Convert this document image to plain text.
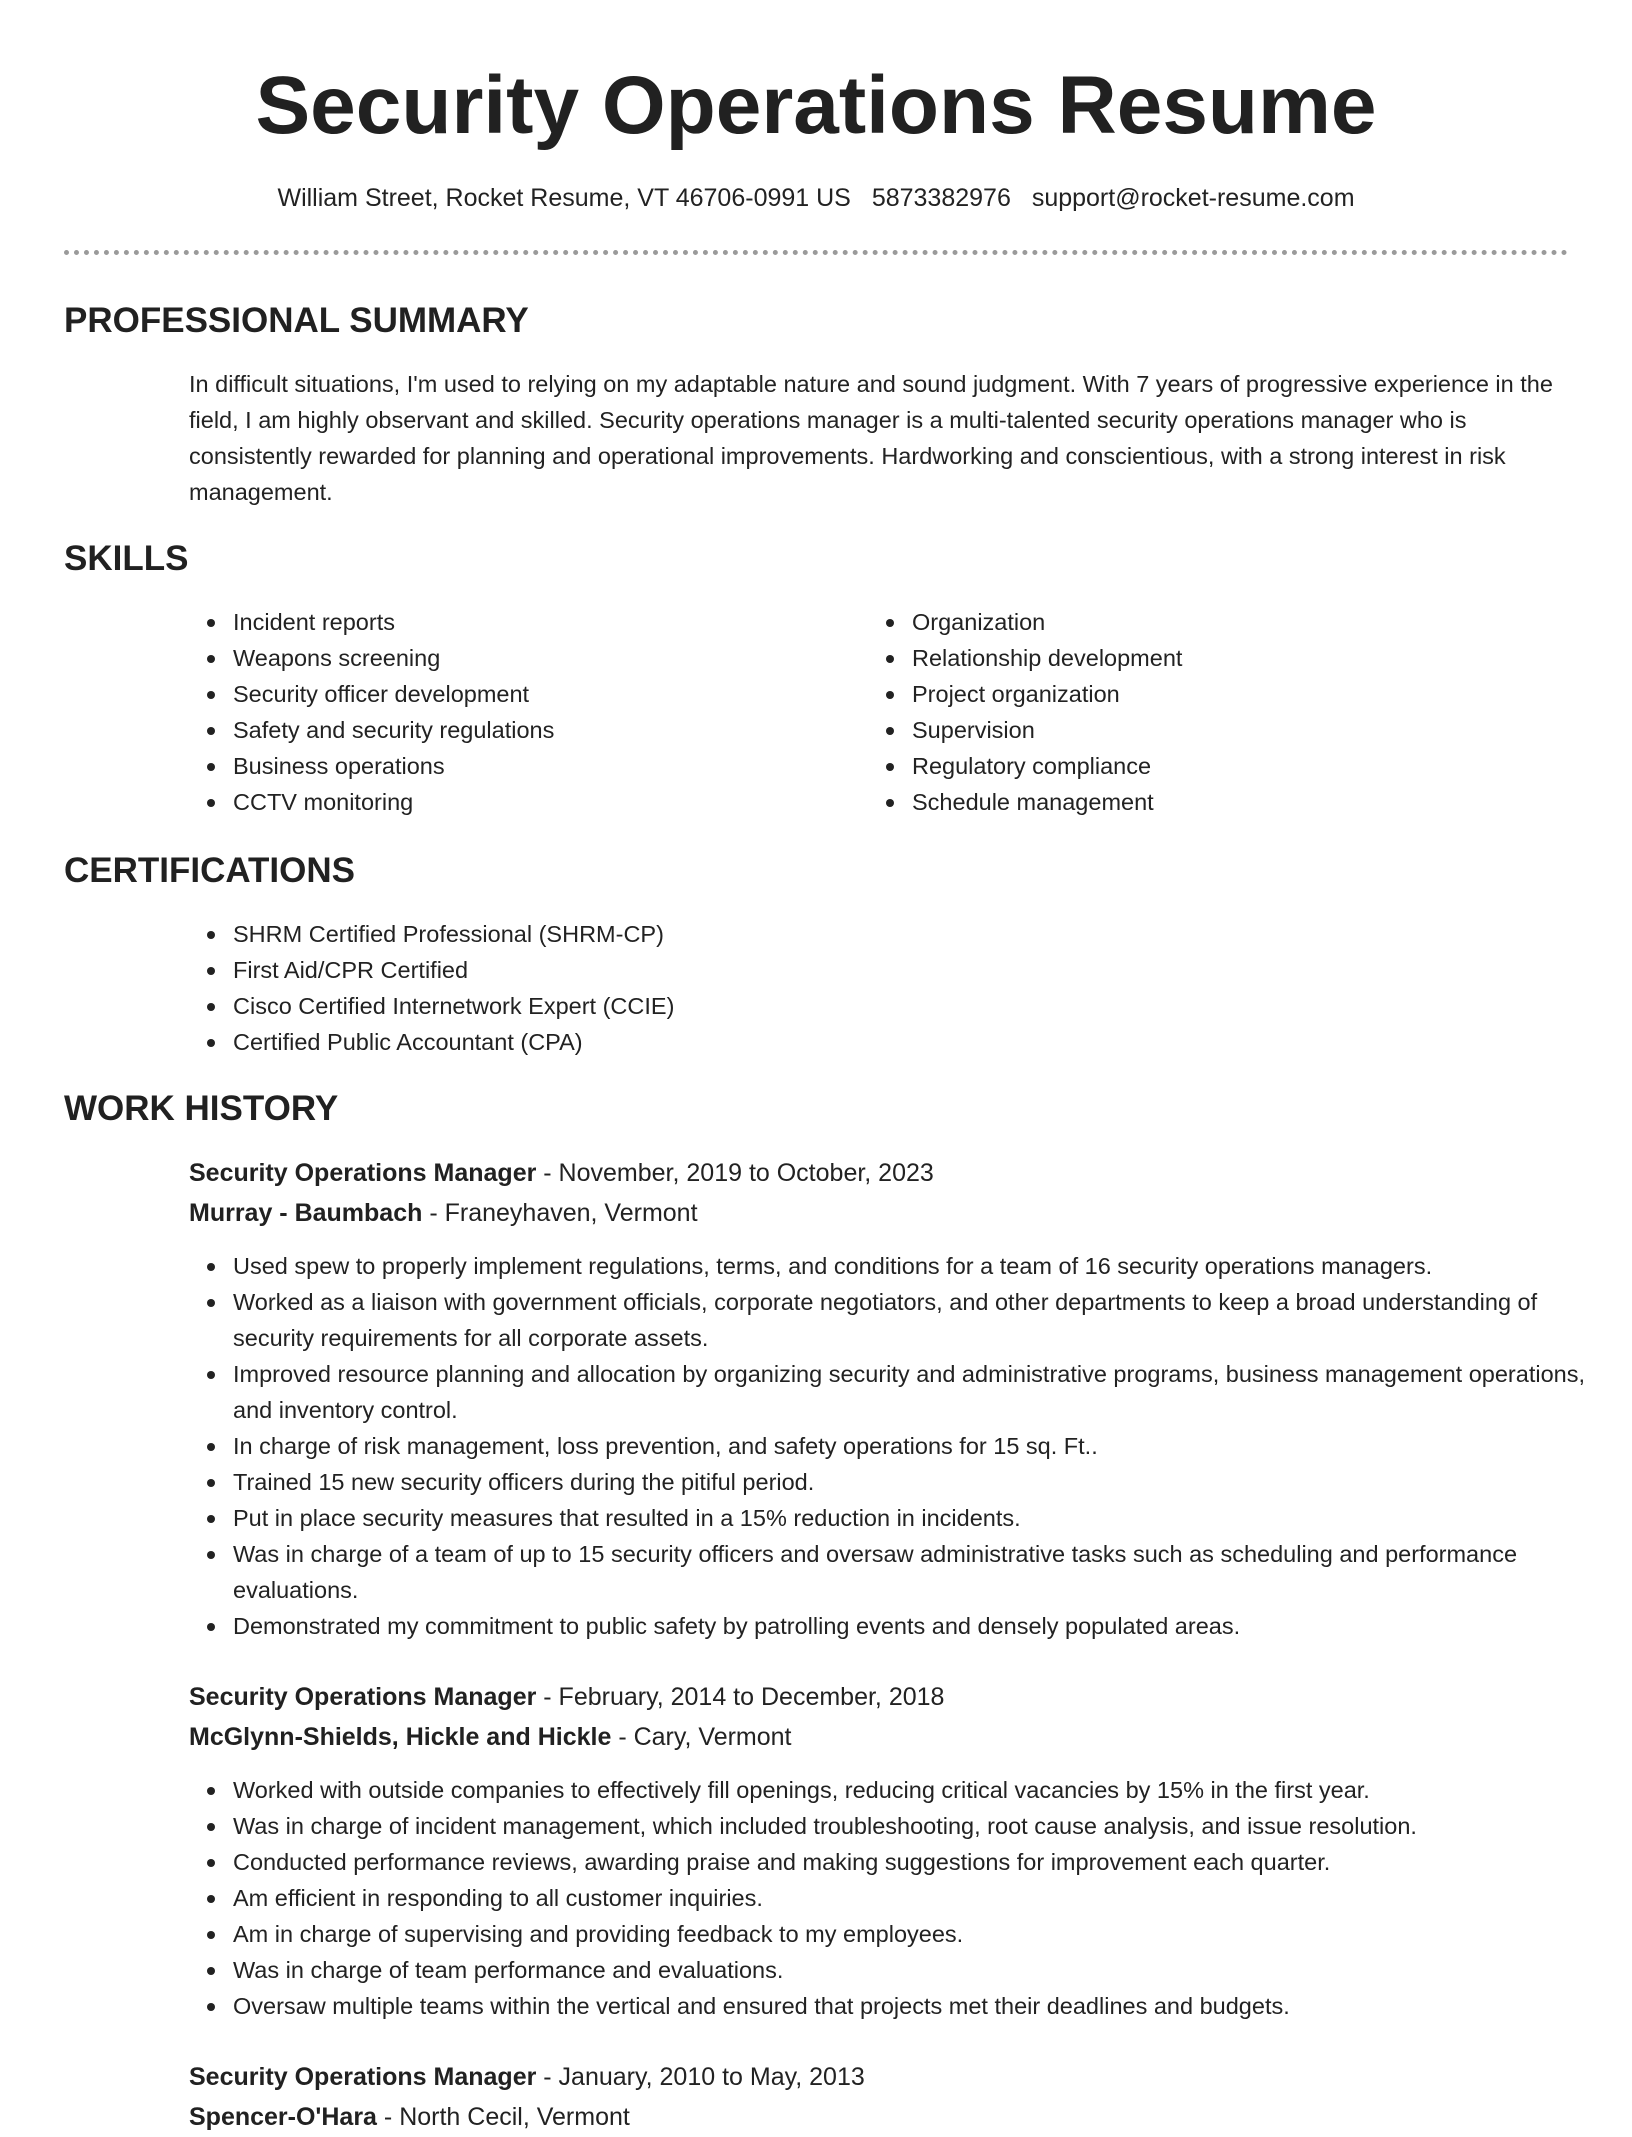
Security Operations Resume
William Street, Rocket Resume, VT 46706-0991 US 5873382976 support@rocket-resume.com
PROFESSIONAL SUMMARY

In difficult situations, I'm used to relying on my adaptable nature and sound judgment. With 7 years of progressive experience in the field, I am highly observant and skilled. Security operations manager is a multi-talented security operations manager who is consistently rewarded for planning and operational improvements. Hardworking and conscientious, with a strong interest in risk management.

SKILLS
Incident reports
Weapons screening
Security officer development
Safety and security regulations
Business operations
CCTV monitoring
Organization
Relationship development
Project organization
Supervision
Regulatory compliance
Schedule management
CERTIFICATIONS
SHRM Certified Professional (SHRM-CP)
First Aid/CPR Certified
Cisco Certified Internetwork Expert (CCIE)
Certified Public Accountant (CPA)
WORK HISTORY
Security Operations Manager - November, 2019 to October, 2023
Murray - Baumbach - Franeyhaven, Vermont
Used spew to properly implement regulations, terms, and conditions for a team of 16 security operations managers.
Worked as a liaison with government officials, corporate negotiators, and other departments to keep a broad understanding of security requirements for all corporate assets.
Improved resource planning and allocation by organizing security and administrative programs, business management operations, and inventory control.
In charge of risk management, loss prevention, and safety operations for 15 sq. Ft..
Trained 15 new security officers during the pitiful period.
Put in place security measures that resulted in a 15% reduction in incidents.
Was in charge of a team of up to 15 security officers and oversaw administrative tasks such as scheduling and performance evaluations.
Demonstrated my commitment to public safety by patrolling events and densely populated areas.
Security Operations Manager - February, 2014 to December, 2018
McGlynn-Shields, Hickle and Hickle - Cary, Vermont
Worked with outside companies to effectively fill openings, reducing critical vacancies by 15% in the first year.
Was in charge of incident management, which included troubleshooting, root cause analysis, and issue resolution.
Conducted performance reviews, awarding praise and making suggestions for improvement each quarter.
Am efficient in responding to all customer inquiries.
Am in charge of supervising and providing feedback to my employees.
Was in charge of team performance and evaluations.
Oversaw multiple teams within the vertical and ensured that projects met their deadlines and budgets.
Security Operations Manager - January, 2010 to May, 2013
Spencer-O'Hara - North Cecil, Vermont
